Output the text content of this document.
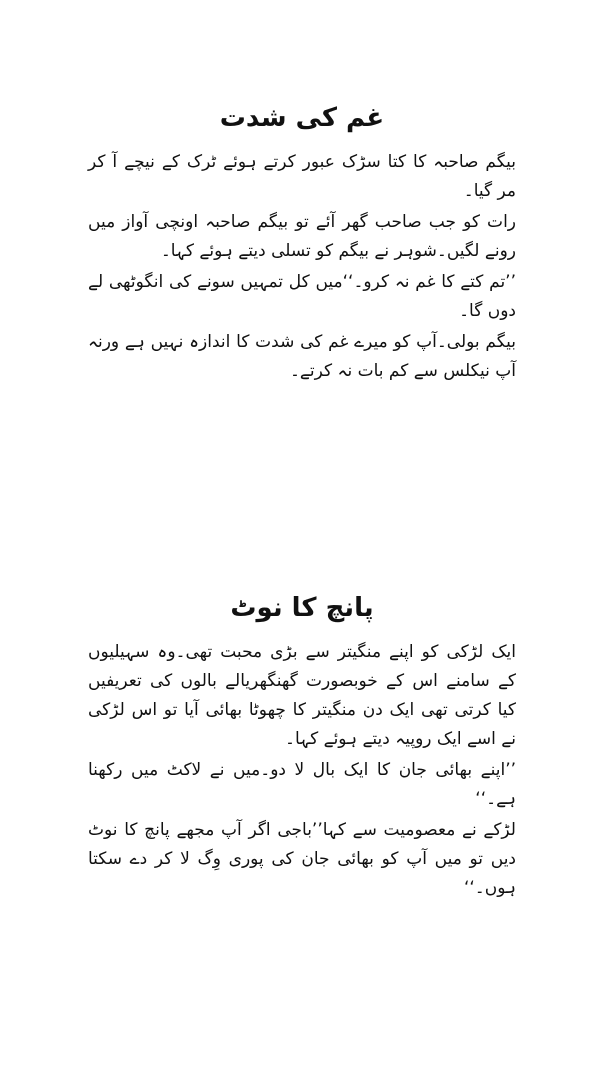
غم کی شدت

بیگم صاحبہ کا کتا سڑک عبور کرتے ہوئے ٹرک کے نیچے آ کر مر گیا۔

رات کو جب صاحب گھر آئے تو بیگم صاحبہ اونچی آواز میں رونے لگیں۔شوہر نے بیگم کو تسلی دیتے ہوئے کہا۔

’’تم کتے کا غم نہ کرو۔‘‘میں کل تمہیں سونے کی انگوٹھی لے دوں گا۔

بیگم بولی۔آپ کو میرے غم کی شدت کا اندازہ نہیں ہے ورنہ آپ نیکلس سے کم بات نہ کرتے۔

پانچ کا نوٹ

ایک لڑکی کو اپنے منگیتر سے بڑی محبت تھی۔وہ سہیلیوں کے سامنے اس کے خوبصورت گھنگھریالے بالوں کی تعریفیں کیا کرتی تھی ایک دن منگیتر کا چھوٹا بھائی آیا تو اس لڑکی نے اسے ایک روپیہ دیتے ہوئے کہا۔

’’اپنے بھائی جان کا ایک بال لا دو۔میں نے لاکٹ میں رکھنا ہے۔‘‘

لڑکے نے معصومیت سے کہا’’باجی اگر آپ مجھے پانچ کا نوٹ دیں تو میں آپ کو بھائی جان کی پوری وِگ لا کر دے سکتا ہوں۔‘‘
